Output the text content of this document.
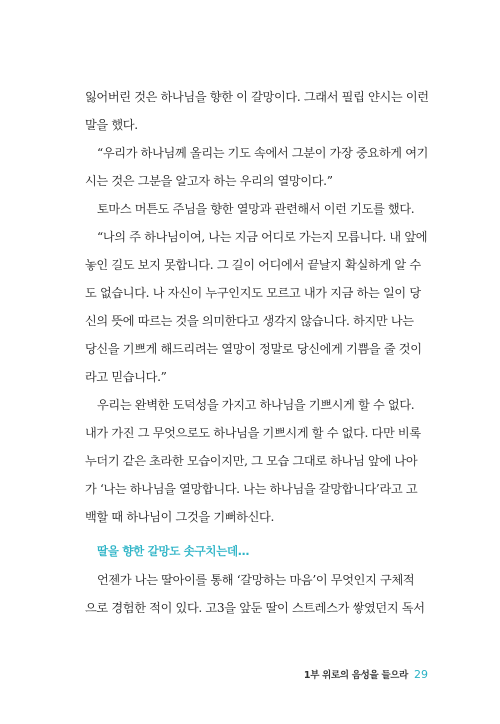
잃어버린 것은 하나님을 향한 이 갈망이다. 그래서 필립 얀시는 이런
말을 했다.
“우리가 하나님께 올리는 기도 속에서 그분이 가장 중요하게 여기
시는 것은 그분을 알고자 하는 우리의 열망이다.”
토마스 머튼도 주님을 향한 열망과 관련해서 이런 기도를 했다.
“나의 주 하나님이여, 나는 지금 어디로 가는지 모릅니다. 내 앞에
놓인 길도 보지 못합니다. 그 길이 어디에서 끝날지 확실하게 알 수
도 없습니다. 나 자신이 누구인지도 모르고 내가 지금 하는 일이 당
신의 뜻에 따르는 것을 의미한다고 생각지 않습니다. 하지만 나는
당신을 기쁘게 해드리려는 열망이 정말로 당신에게 기쁨을 줄 것이
라고 믿습니다.”
우리는 완벽한 도덕성을 가지고 하나님을 기쁘시게 할 수 없다.
내가 가진 그 무엇으로도 하나님을 기쁘시게 할 수 없다. 다만 비록
누더기 같은 초라한 모습이지만, 그 모습 그대로 하나님 앞에 나아
가 ‘나는 하나님을 열망합니다. 나는 하나님을 갈망합니다’라고 고
백할 때 하나님이 그것을 기뻐하신다.
딸을 향한 갈망도 솟구치는데…
언젠가 나는 딸아이를 통해 ‘갈망하는 마음’이 무엇인지 구체적
으로 경험한 적이 있다. 고3을 앞둔 딸이 스트레스가 쌓였던지 독서
1부 위로의 음성을 들으라 29
